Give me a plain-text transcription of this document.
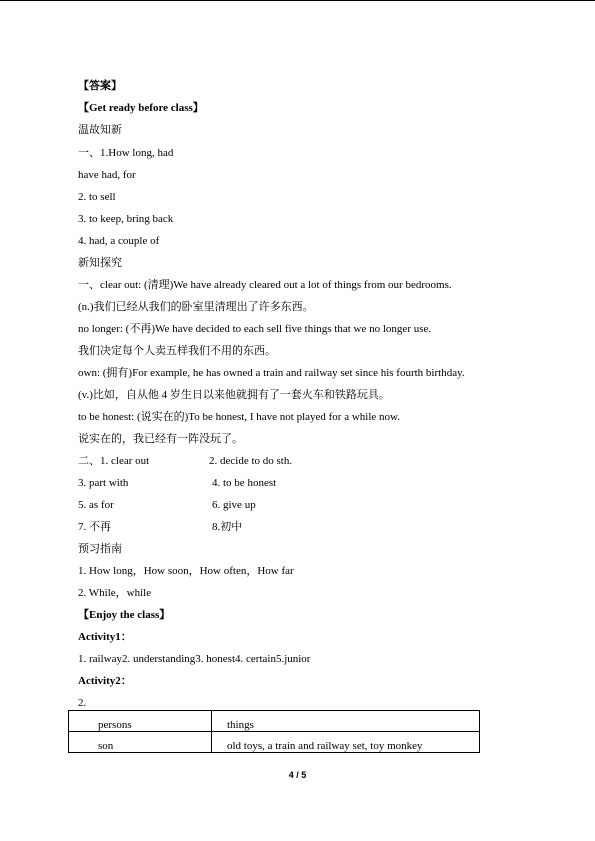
【答案】
【Get ready before class】
温故知新
一、1.How long, had
have had, for
2. to sell
3. to keep, bring back
4. had, a couple of
新知探究
一、clear out: (清理)We have already cleared out a lot of things from our bedrooms.
(n.)我们已经从我们的卧室里清理出了许多东西。
no longer: (不再)We have decided to each sell five things that we no longer use.
我们决定每个人卖五样我们不用的东西。
own: (拥有)For example, he has owned a train and railway set since his fourth birthday.
(v.)比如，自从他 4 岁生日以来他就拥有了一套火车和铁路玩具。
to be honest: (说实在的)To be honest, I have not played for a while now.
说实在的，我已经有一阵没玩了。
二、1. clear out	2. decide to do sth.
3. part with	4. to be honest
5. as for	6. give up
7. 不再	8.初中
预习指南
1. How long，How soon，How often，How far
2. While，while
【Enjoy the class】
Activity1：
1. railway2. understanding3. honest4. certain5.junior
Activity2：
2.
persons	things
son	old toys, a train and railway set, toy monkey
4 / 5
